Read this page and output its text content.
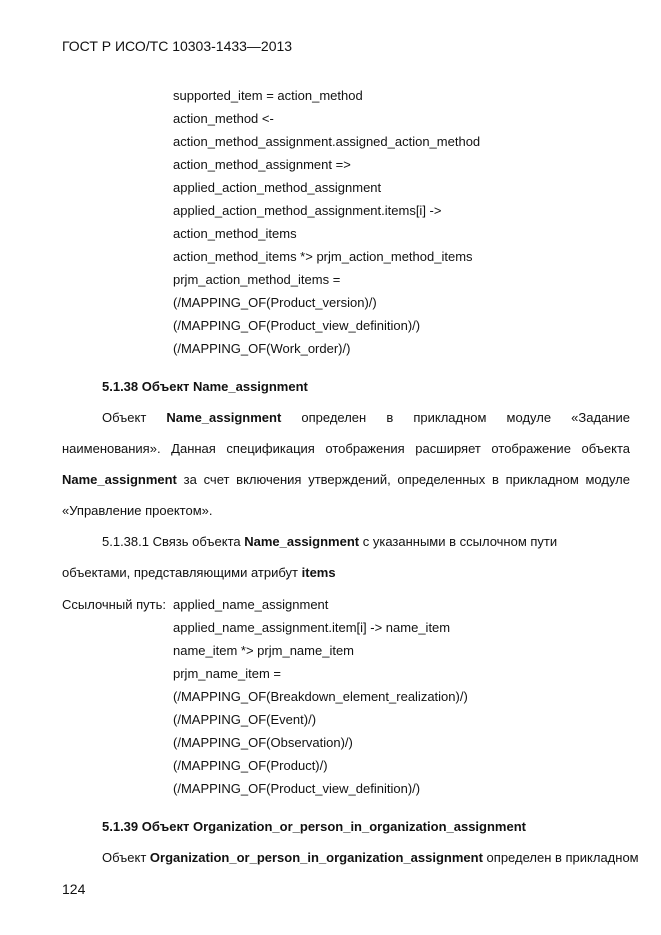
ГОСТ Р ИСО/ТС 10303-1433—2013
supported_item = action_method
action_method <-
action_method_assignment.assigned_action_method
action_method_assignment =>
applied_action_method_assignment
applied_action_method_assignment.items[i] ->
action_method_items
action_method_items *> prjm_action_method_items
prjm_action_method_items =
(/MAPPING_OF(Product_version)/)
(/MAPPING_OF(Product_view_definition)/)
(/MAPPING_OF(Work_order)/)
5.1.38 Объект Name_assignment
Объект Name_assignment определен в прикладном модуле «Задание
наименования». Данная спецификация отображения расширяет отображение объекта
Name_assignment за счет включения утверждений, определенных в прикладном модуле
«Управление проектом».
5.1.38.1 Связь объекта Name_assignment с указанными в ссылочном пути
объектами, представляющими атрибут items
Ссылочный путь: applied_name_assignment
applied_name_assignment.item[i] -> name_item
name_item *> prjm_name_item
prjm_name_item =
(/MAPPING_OF(Breakdown_element_realization)/)
(/MAPPING_OF(Event)/)
(/MAPPING_OF(Observation)/)
(/MAPPING_OF(Product)/)
(/MAPPING_OF(Product_view_definition)/)
5.1.39 Объект Organization_or_person_in_organization_assignment
Объект Organization_or_person_in_organization_assignment определен в прикладном
124
